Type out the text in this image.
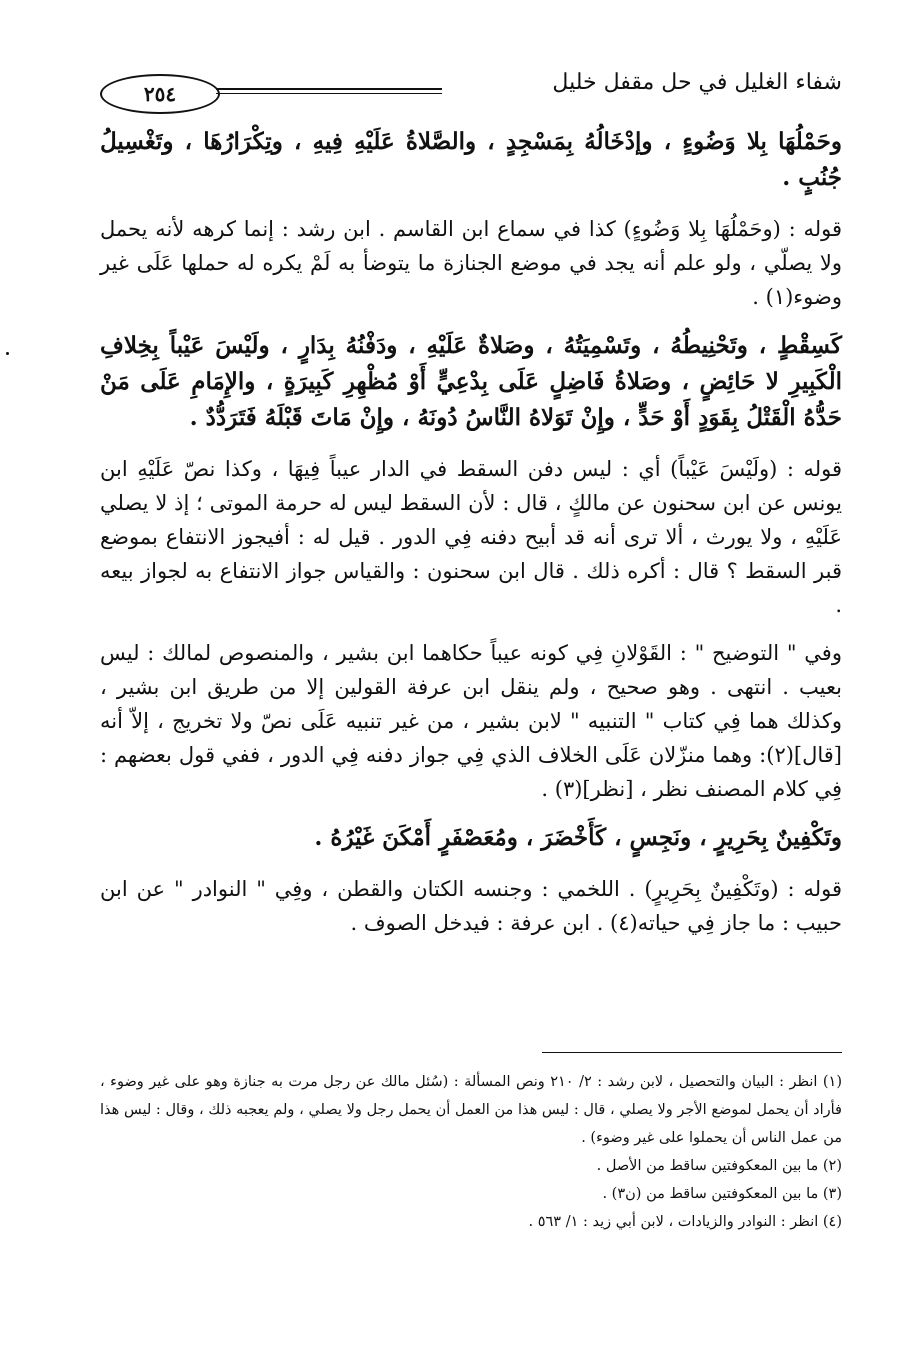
٢٥٤	شفاء الغليل في حل مقفل خليل

وحَمْلُهَا بِلا وَضُوءٍ ، وإدْخَالُهُ بِمَسْجِدٍ ، والصَّلاةُ عَلَيْهِ فِيهِ ، وتِكْرَارُهَا ، وتَغْسِيلُ جُنُبٍ .

قوله : (وحَمْلُهَا بِلا وَضُوءٍ) كذا في سماع ابن القاسم . ابن رشد : إنما كرهه لأنه يحمل ولا يصلّي ، ولو علم أنه يجد في موضع الجنازة ما يتوضأ به لَمْ يكره له حملها عَلَى غير وضوء(١) .

كَسِقْطٍ ، وتَحْنِيطُهُ ، وتَسْمِيَتُهُ ، وصَلاةٌ عَلَيْهِ ، ودَفْنُهُ بِدَارٍ ، ولَيْسَ عَيْباً بِخِلافِ الْكَبِيرِ لا حَائِضٍ ، وصَلاةُ فَاضِلٍ عَلَى بِدْعِيٍّ أَوْ مُظْهِرِ كَبِيرَةٍ ، والإِمَامِ عَلَى مَنْ حَدُّهُ الْقَتْلُ بِقَوَدٍ أَوْ حَدٍّ ، وإِنْ تَوَلاهُ النَّاسُ دُونَهُ ، وإِنْ مَاتَ قَبْلَهُ فَتَرَدُّدٌ .

قوله : (ولَيْسَ عَيْباً) أي : ليس دفن السقط في الدار عيباً فِيهَا ، وكذا نصّ عَلَيْهِ ابن يونس عن ابن سحنون عن مالكٍ ، قال : لأن السقط ليس له حرمة الموتى ؛ إذ لا يصلي عَلَيْهِ ، ولا يورث ، ألا ترى أنه قد أبيح دفنه فِي الدور . قيل له : أفيجوز الانتفاع بموضع قبر السقط ؟ قال : أكره ذلك . قال ابن سحنون : والقياس جواز الانتفاع به لجواز بيعه .

وفي " التوضيح " : القَوْلانِ فِي كونه عيباً حكاهما ابن بشير ، والمنصوص لمالك : ليس بعيب . انتهى . وهو صحيح ، ولم ينقل ابن عرفة القولين إلا من طريق ابن بشير ، وكذلك هما فِي كتاب " التنبيه " لابن بشير ، من غير تنبيه عَلَى نصّ ولا تخريج ، إلاّ أنه [قال](٢): وهما منزّلان عَلَى الخلاف الذي فِي جواز دفنه فِي الدور ، ففي قول بعضهم : فِي كلام المصنف نظر ، [نظر](٣) .

وتَكْفِينٌ بِحَرِيرٍ ، ونَجِسٍ ، كَأَخْضَرَ ، ومُعَصْفَرٍ أَمْكَنَ غَيْرُهُ .

قوله : (وتَكْفِينٌ بِحَرِيرٍ) . اللخمي : وجنسه الكتان والقطن ، وفِي " النوادر " عن ابن حبيب : ما جاز فِي حياته(٤) . ابن عرفة : فيدخل الصوف .

(١) انظر : البيان والتحصيل ، لابن رشد : ٢/ ٢١٠ ونص المسألة : (سُئل مالك عن رجل مرت به جنازة وهو على غير وضوء ، فأراد أن يحمل لموضع الأجر ولا يصلي ، قال : ليس هذا من العمل أن يحمل رجل ولا يصلي ، ولم يعجبه ذلك ، وقال : ليس هذا من عمل الناس أن يحملوا على غير وضوء) .

(٢) ما بين المعكوفتين ساقط من الأصل .

(٣) ما بين المعكوفتين ساقط من (ن٣) .

(٤) انظر : النوادر والزيادات ، لابن أبي زيد : ١/ ٥٦٣ .
